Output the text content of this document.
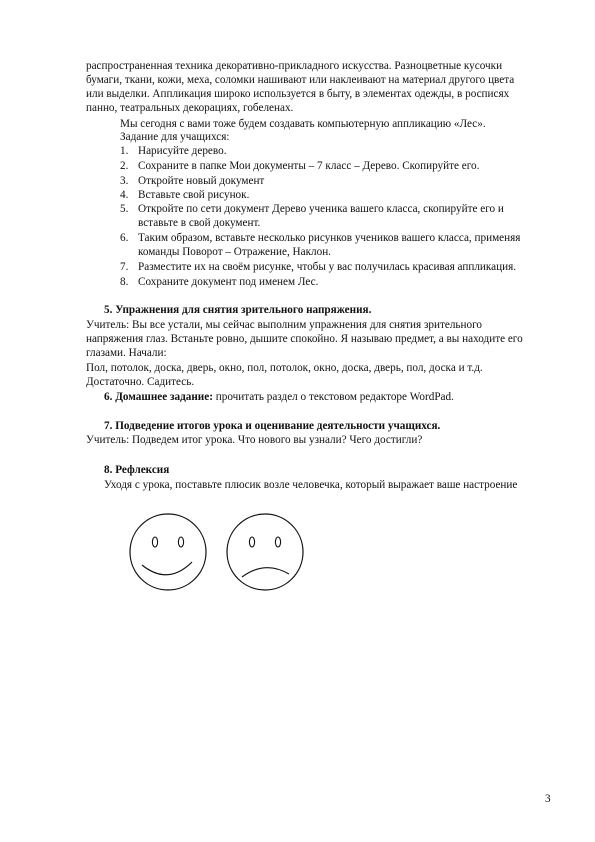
распространенная техника декоративно-прикладного искусства. Разноцветные кусочки

бумаги, ткани, кожи, меха, соломки нашивают или наклеивают на материал другого цвета

или выделки. Аппликация широко используется в быту, в элементах одежды, в росписях

панно, театральных декорациях, гобеленах.

Мы сегодня с вами тоже будем создавать компьютерную аппликацию «Лес».

Задание для учащихся:

1. Нарисуйте дерево.
2. Сохраните в папке Мои документы – 7 класс – Дерево. Скопируйте его.
3. Откройте новый документ
4. Вставьте свой рисунок.
5. Откройте по сети документ Дерево ученика вашего класса, скопируйте его и
вставьте в свой документ.
6. Таким образом, вставьте несколько рисунков учеников вашего класса, применяя
команды Поворот – Отражение, Наклон.
7. Разместите их на своём рисунке, чтобы у вас получилась красивая аппликация.
8. Сохраните документ под именем Лес.

5. Упражнения для снятия зрительного напряжения.

Учитель: Вы все устали, мы сейчас выполним упражнения для снятия зрительного

напряжения глаз. Встаньте ровно, дышите спокойно. Я называю предмет, а вы находите его

глазами. Начали:

Пол, потолок, доска, дверь, окно, пол, потолок, окно, доска, дверь, пол, доска и т.д.

Достаточно. Садитесь.

6. Домашнее задание: прочитать раздел о текстовом редакторе WordPad.

7. Подведение итогов урока и оценивание деятельности учащихся.

Учитель: Подведем итог урока. Что нового вы узнали? Чего достигли?

8. Рефлексия

Уходя с урока, поставьте плюсик возле человечка, который выражает ваше настроение

3
